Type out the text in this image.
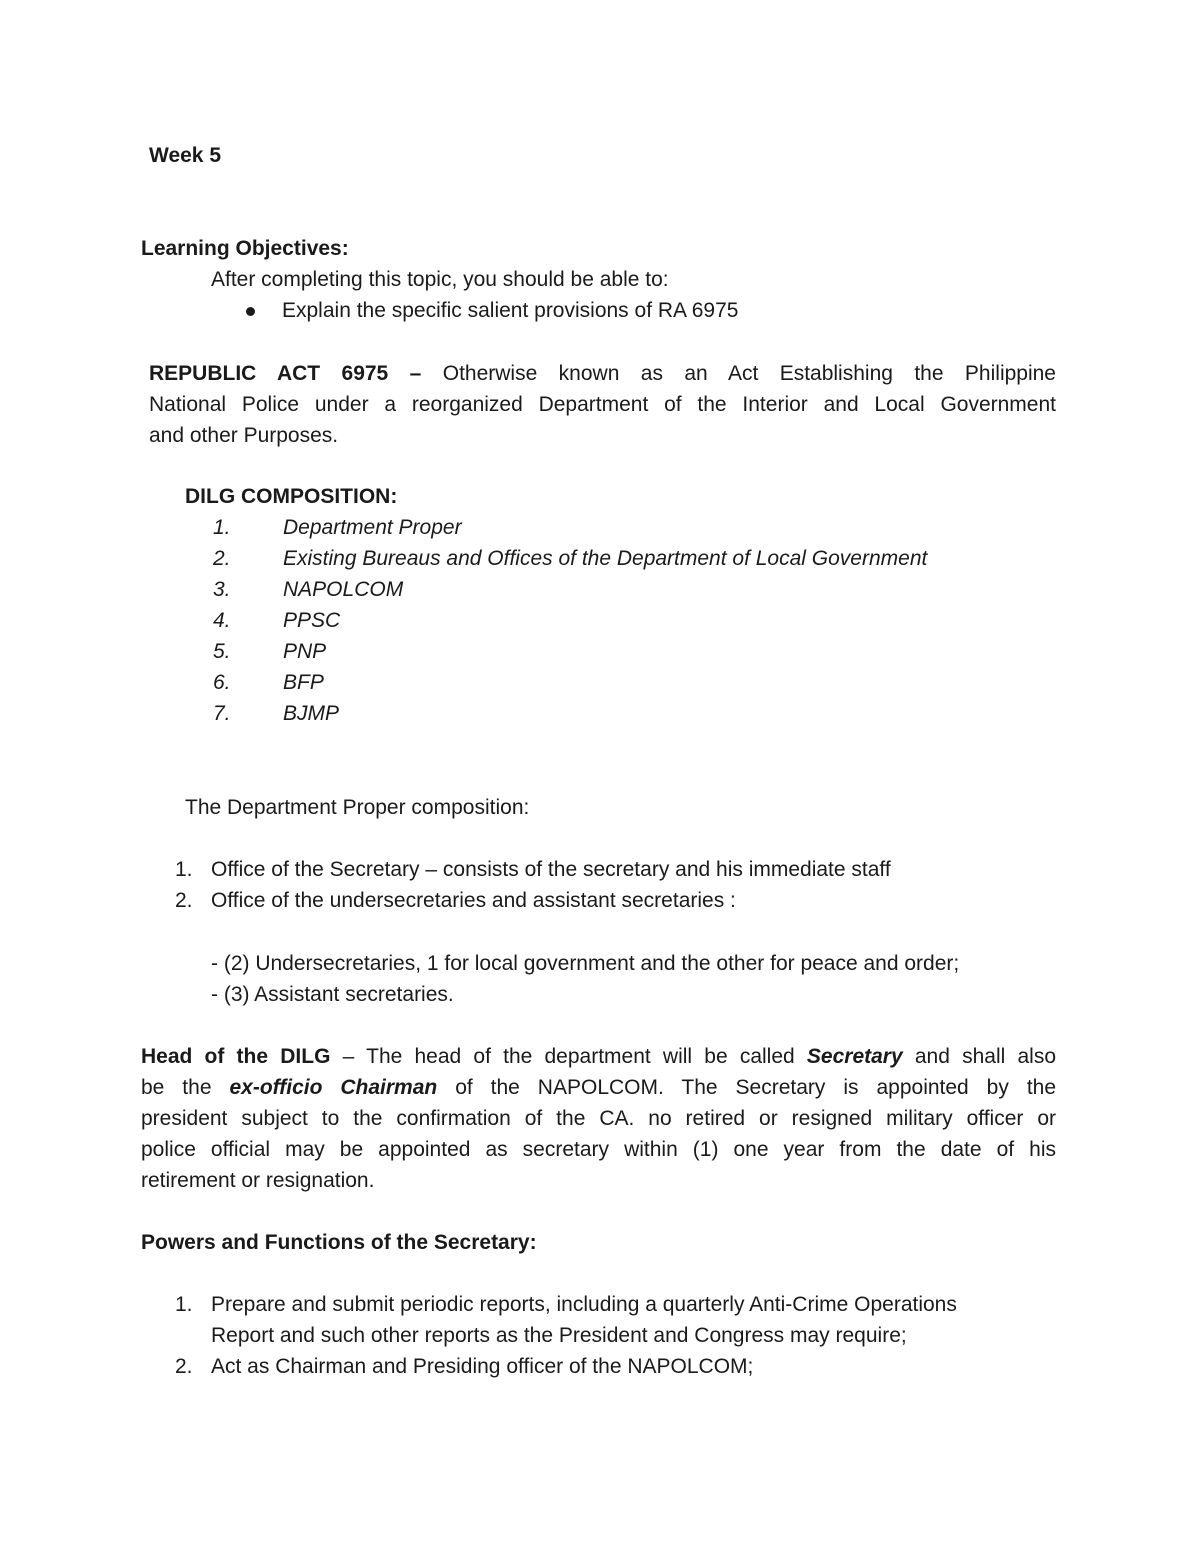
Week 5
Learning Objectives:
After completing this topic, you should be able to:
Explain the specific salient provisions of RA 6975
REPUBLIC ACT 6975 – Otherwise known as an Act Establishing the Philippine
National Police under a reorganized Department of the Interior and Local Government
and other Purposes.
DILG COMPOSITION:
1. Department Proper
2. Existing Bureaus and Offices of the Department of Local Government
3. NAPOLCOM
4. PPSC
5. PNP
6. BFP
7. BJMP
The Department Proper composition:
1. Office of the Secretary – consists of the secretary and his immediate staff
2. Office of the undersecretaries and assistant secretaries :
- (2) Undersecretaries, 1 for local government and the other for peace and order;
- (3) Assistant secretaries.
Head of the DILG – The head of the department will be called Secretary and shall also
be the ex-officio Chairman of the NAPOLCOM. The Secretary is appointed by the
president subject to the confirmation of the CA. no retired or resigned military officer or
police official may be appointed as secretary within (1) one year from the date of his
retirement or resignation.
Powers and Functions of the Secretary:
1. Prepare and submit periodic reports, including a quarterly Anti-Crime Operations
Report and such other reports as the President and Congress may require;
2. Act as Chairman and Presiding officer of the NAPOLCOM;
